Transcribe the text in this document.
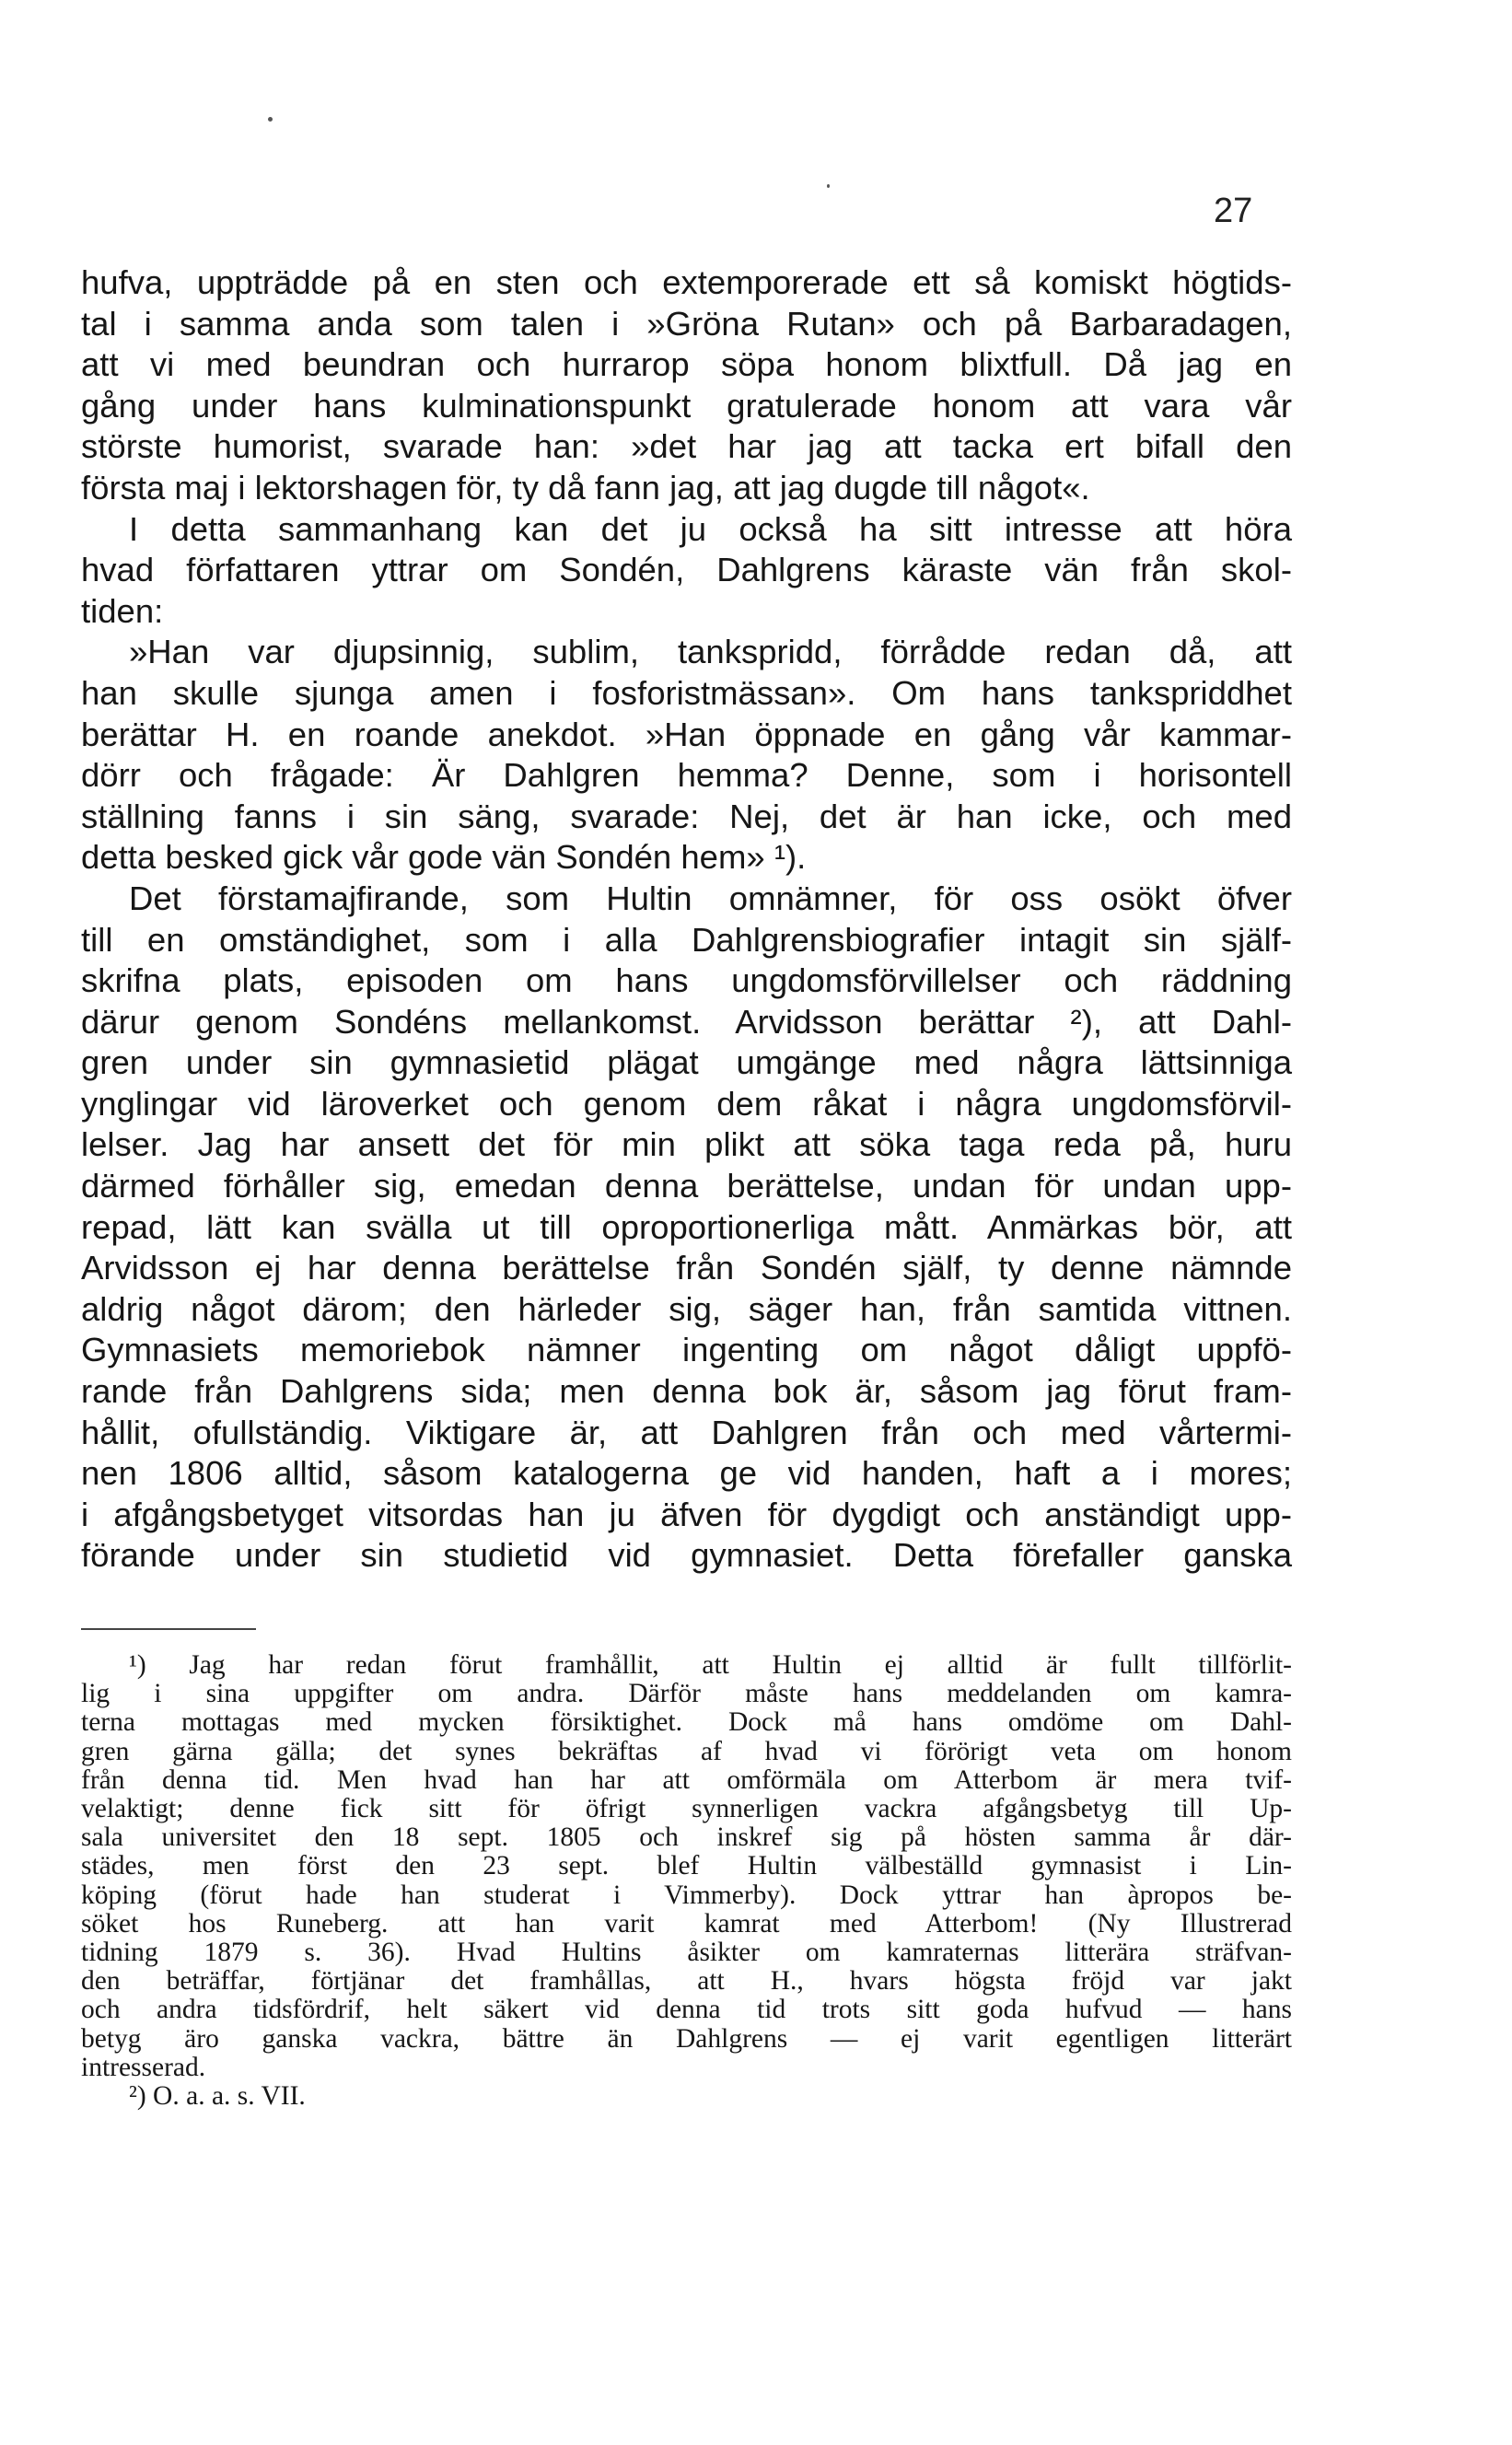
27
hufva, uppträdde på en sten och extemporerade ett så komiskt högtids-
tal i samma anda som talen i »Gröna Rutan» och på Barbaradagen,
att vi med beundran och hurrarop söpa honom blixtfull. Då jag en
gång under hans kulminationspunkt gratulerade honom att vara vår
störste humorist, svarade han: »det har jag att tacka ert bifall den
första maj i lektorshagen för, ty då fann jag, att jag dugde till något«.
I detta sammanhang kan det ju också ha sitt intresse att höra
hvad författaren yttrar om Sondén, Dahlgrens käraste vän från skol-
tiden:
»Han var djupsinnig, sublim, tankspridd, förrådde redan då, att
han skulle sjunga amen i fosforistmässan». Om hans tankspriddhet
berättar H. en roande anekdot. »Han öppnade en gång vår kammar-
dörr och frågade: Är Dahlgren hemma? Denne, som i horisontell
ställning fanns i sin säng, svarade: Nej, det är han icke, och med
detta besked gick vår gode vän Sondén hem» ¹).
Det förstamajfirande, som Hultin omnämner, för oss osökt öfver
till en omständighet, som i alla Dahlgrensbiografier intagit sin själf-
skrifna plats, episoden om hans ungdomsförvillelser och räddning
därur genom Sondéns mellankomst. Arvidsson berättar ²), att Dahl-
gren under sin gymnasietid plägat umgänge med några lättsinniga
ynglingar vid läroverket och genom dem råkat i några ungdomsförvil-
lelser. Jag har ansett det för min plikt att söka taga reda på, huru
därmed förhåller sig, emedan denna berättelse, undan för undan upp-
repad, lätt kan svälla ut till oproportionerliga mått. Anmärkas bör, att
Arvidsson ej har denna berättelse från Sondén själf, ty denne nämnde
aldrig något därom; den härleder sig, säger han, från samtida vittnen.
Gymnasiets memoriebok nämner ingenting om något dåligt uppfö-
rande från Dahlgrens sida; men denna bok är, såsom jag förut fram-
hållit, ofullständig. Viktigare är, att Dahlgren från och med vårtermi-
nen 1806 alltid, såsom katalogerna ge vid handen, haft a i mores;
i afgångsbetyget vitsordas han ju äfven för dygdigt och anständigt upp-
förande under sin studietid vid gymnasiet. Detta förefaller ganska
¹) Jag har redan förut framhållit, att Hultin ej alltid är fullt tillförlit-
lig i sina uppgifter om andra. Därför måste hans meddelanden om kamra-
terna mottagas med mycken försiktighet. Dock må hans omdöme om Dahl-
gren gärna gälla; det synes bekräftas af hvad vi förörigt veta om honom
från denna tid. Men hvad han har att omförmäla om Atterbom är mera tvif-
velaktigt; denne fick sitt för öfrigt synnerligen vackra afgångsbetyg till Up-
sala universitet den 18 sept. 1805 och inskref sig på hösten samma år där-
städes, men först den 23 sept. blef Hultin välbeställd gymnasist i Lin-
köping (förut hade han studerat i Vimmerby). Dock yttrar han àpropos be-
söket hos Runeberg. att han varit kamrat med Atterbom! (Ny Illustrerad
tidning 1879 s. 36). Hvad Hultins åsikter om kamraternas litterära sträfvan-
den beträffar, förtjänar det framhållas, att H., hvars högsta fröjd var jakt
och andra tidsfördrif, helt säkert vid denna tid trots sitt goda hufvud — hans
betyg äro ganska vackra, bättre än Dahlgrens — ej varit egentligen litterärt
intresserad.
²) O. a. a. s. VII.
